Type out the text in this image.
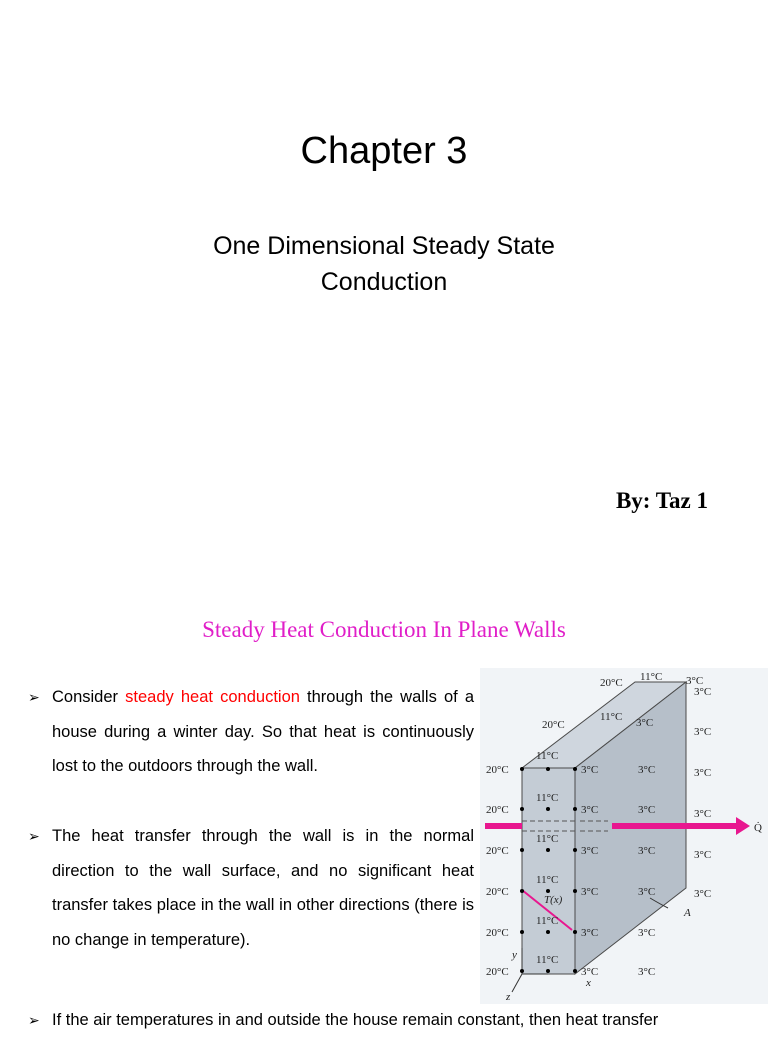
Chapter 3
One Dimensional Steady State
Conduction
By: Taz 1
Steady Heat Conduction In Plane Walls
➢ Consider steady heat conduction through the walls of a house during a winter day. So that heat is continuously lost to the outdoors through the wall.
➢ The heat transfer through the wall is in the normal direction to the wall surface, and no significant heat transfer takes place in the wall in other directions (there is no change in temperature).
➢ If the air temperatures in and outside the house remain constant, then heat transfer
Q̇
T(x)
A
x
y
z
20°C
11°C
3°C	3°C
3°C
20°C
11°C
3°C	3°C
3°C
20°C
11°C
3°C	3°C
3°C
20°C
11°C
3°C	3°C
3°C
20°C
11°C
3°C	3°C
3°C
20°C
11°C
3°C	3°C
3°C
20°C 11°C 3°C
20°C
11°C 3°C
